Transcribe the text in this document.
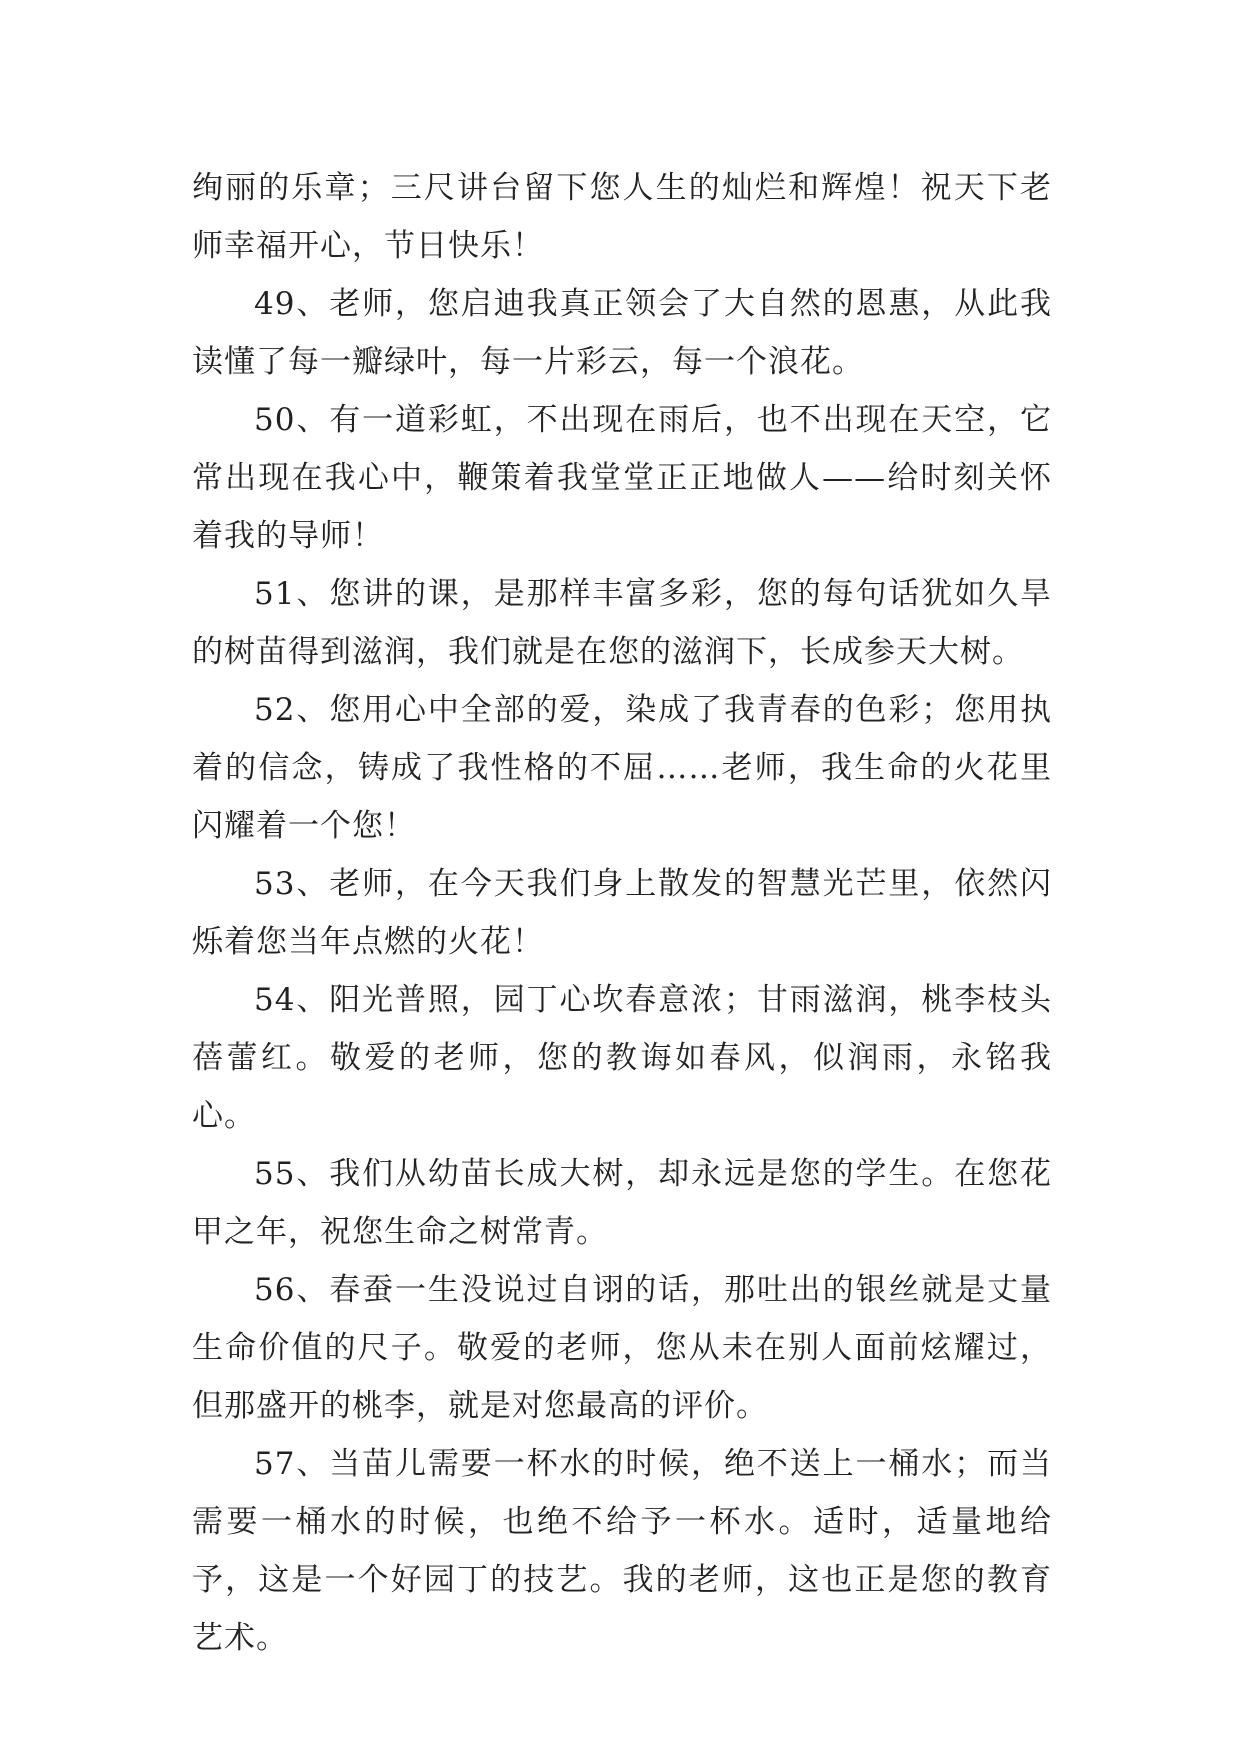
绚丽的乐章；三尺讲台留下您人生的灿烂和辉煌！祝天下老师幸福开心，节日快乐！

49、老师，您启迪我真正领会了大自然的恩惠，从此我读懂了每一瓣绿叶，每一片彩云，每一个浪花。

50、有一道彩虹，不出现在雨后，也不出现在天空，它常出现在我心中，鞭策着我堂堂正正地做人——给时刻关怀着我的导师！

51、您讲的课，是那样丰富多彩，您的每句话犹如久旱的树苗得到滋润，我们就是在您的滋润下，长成参天大树。

52、您用心中全部的爱，染成了我青春的色彩；您用执着的信念，铸成了我性格的不屈……老师，我生命的火花里闪耀着一个您！

53、老师，在今天我们身上散发的智慧光芒里，依然闪烁着您当年点燃的火花！

54、阳光普照，园丁心坎春意浓；甘雨滋润，桃李枝头蓓蕾红。敬爱的老师，您的教诲如春风，似润雨，永铭我心。

55、我们从幼苗长成大树，却永远是您的学生。在您花甲之年，祝您生命之树常青。

56、春蚕一生没说过自诩的话，那吐出的银丝就是丈量生命价值的尺子。敬爱的老师，您从未在别人面前炫耀过，但那盛开的桃李，就是对您最高的评价。

57、当苗儿需要一杯水的时候，绝不送上一桶水；而当需要一桶水的时候，也绝不给予一杯水。适时，适量地给予，这是一个好园丁的技艺。我的老师，这也正是您的教育艺术。
